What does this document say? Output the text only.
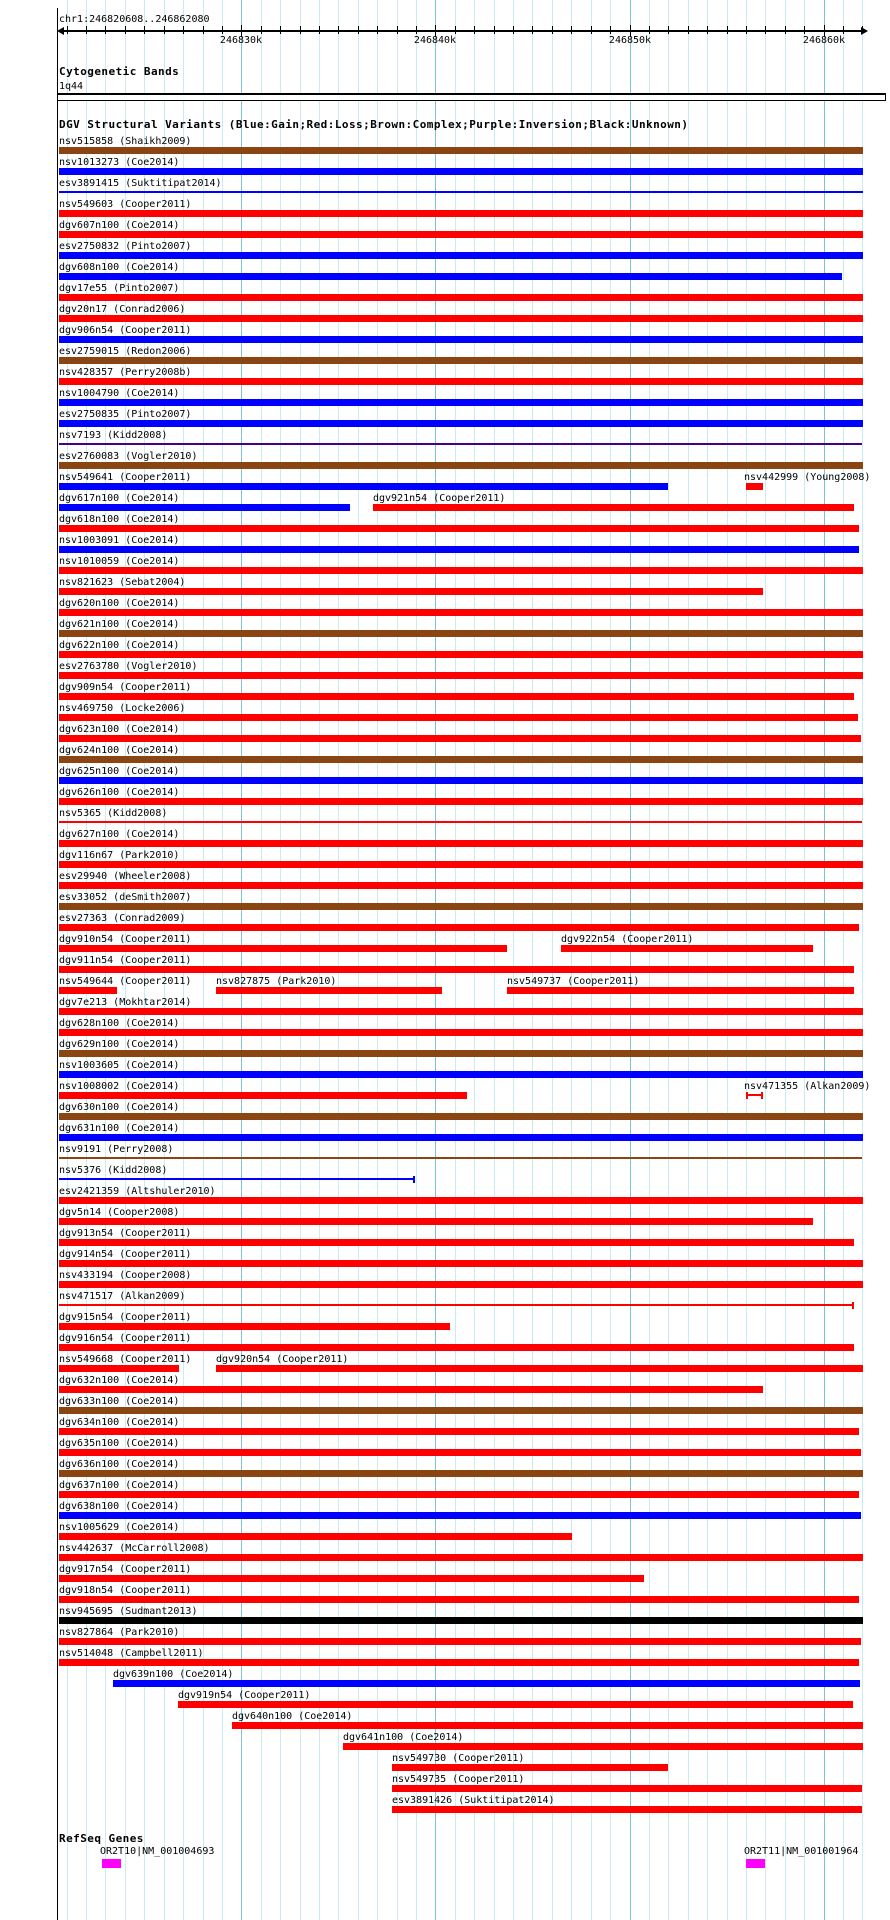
chr1:246820608..246862080
246830k	246840k	246850k	246860k
Cytogenetic Bands
1q44
DGV Structural Variants (Blue:Gain;Red:Loss;Brown:Complex;Purple:Inversion;Black:Unknown)
nsv515858 (Shaikh2009)
nsv1013273 (Coe2014)
esv3891415 (Suktitipat2014)
nsv549603 (Cooper2011)
dgv607n100 (Coe2014)
esv2750832 (Pinto2007)
dgv608n100 (Coe2014)
dgv17e55 (Pinto2007)
dgv20n17 (Conrad2006)
dgv906n54 (Cooper2011)
esv2759015 (Redon2006)
nsv428357 (Perry2008b)
nsv1004790 (Coe2014)
esv2750835 (Pinto2007)
nsv7193 (Kidd2008)
esv2760083 (Vogler2010)
nsv549641 (Cooper2011)	nsv442999 (Young2008)
dgv617n100 (Coe2014)	dgv921n54 (Cooper2011)
dgv618n100 (Coe2014)
nsv1003091 (Coe2014)
nsv1010059 (Coe2014)
nsv821623 (Sebat2004)
dgv620n100 (Coe2014)
dgv621n100 (Coe2014)
dgv622n100 (Coe2014)
esv2763780 (Vogler2010)
dgv909n54 (Cooper2011)
nsv469750 (Locke2006)
dgv623n100 (Coe2014)
dgv624n100 (Coe2014)
dgv625n100 (Coe2014)
dgv626n100 (Coe2014)
nsv5365 (Kidd2008)
dgv627n100 (Coe2014)
dgv116n67 (Park2010)
esv29940 (Wheeler2008)
esv33052 (deSmith2007)
esv27363 (Conrad2009)
dgv910n54 (Cooper2011)	dgv922n54 (Cooper2011)
dgv911n54 (Cooper2011)
nsv549644 (Cooper2011) nsv827875 (Park2010)	nsv549737 (Cooper2011)
dgv7e213 (Mokhtar2014)
dgv628n100 (Coe2014)
dgv629n100 (Coe2014)
nsv1003605 (Coe2014)
nsv1008002 (Coe2014)	nsv471355 (Alkan2009)
dgv630n100 (Coe2014)
dgv631n100 (Coe2014)
nsv9191 (Perry2008)
nsv5376 (Kidd2008)
esv2421359 (Altshuler2010)
dgv5n14 (Cooper2008)
dgv913n54 (Cooper2011)
dgv914n54 (Cooper2011)
nsv433194 (Cooper2008)
nsv471517 (Alkan2009)
dgv915n54 (Cooper2011)
dgv916n54 (Cooper2011)
nsv549668 (Cooper2011) dgv920n54 (Cooper2011)
dgv632n100 (Coe2014)
dgv633n100 (Coe2014)
dgv634n100 (Coe2014)
dgv635n100 (Coe2014)
dgv636n100 (Coe2014)
dgv637n100 (Coe2014)
dgv638n100 (Coe2014)
nsv1005629 (Coe2014)
nsv442637 (McCarroll2008)
dgv917n54 (Cooper2011)
dgv918n54 (Cooper2011)
nsv945695 (Sudmant2013)
nsv827864 (Park2010)
nsv514048 (Campbell2011)
dgv639n100 (Coe2014)
dgv919n54 (Cooper2011)
dgv640n100 (Coe2014)
dgv641n100 (Coe2014)
nsv549730 (Cooper2011)
nsv549735 (Cooper2011)
esv3891426 (Suktitipat2014)
RefSeq Genes
OR2T10|NM_001004693	OR2T11|NM_001001964
